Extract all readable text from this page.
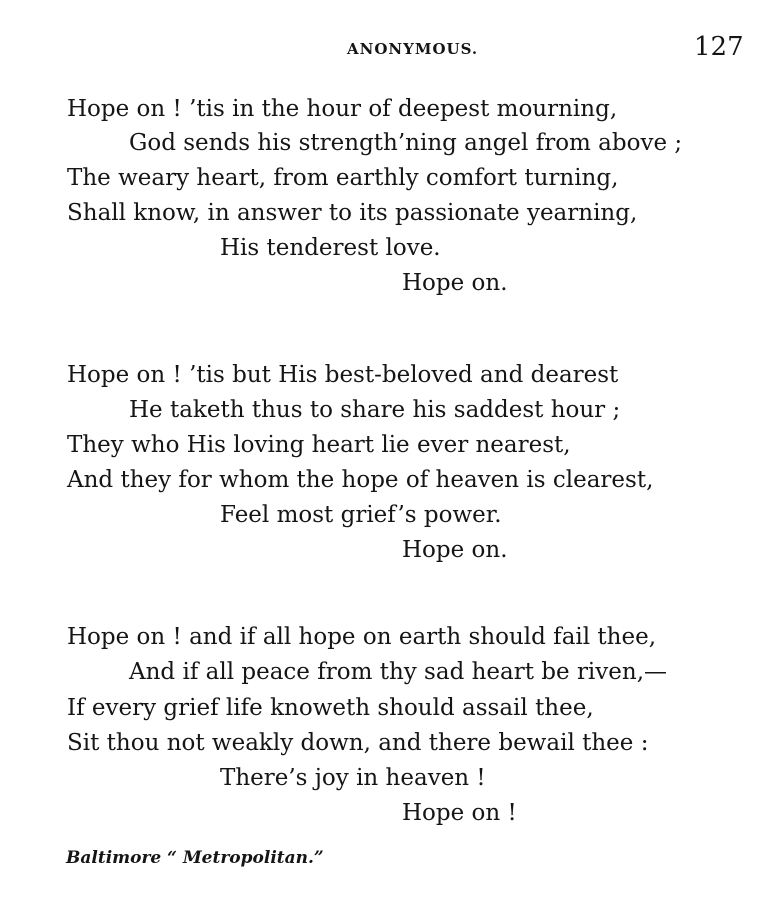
ANONYMOUS.	127
Hope on ! ’tis in the hour of deepest mourning,
God sends his strength’ning angel from above ;
The weary heart, from earthly comfort turning,
Shall know, in answer to its passionate yearning,
His tenderest love.
Hope on.
Hope on ! ’tis but His best-beloved and dearest
He taketh thus to share his saddest hour ;
They who His loving heart lie ever nearest,
And they for whom the hope of heaven is clearest,
Feel most grief’s power.
Hope on.
Hope on ! and if all hope on earth should fail thee,
And if all peace from thy sad heart be riven,—
If every grief life knoweth should assail thee,
Sit thou not weakly down, and there bewail thee :
There’s joy in heaven !
Hope on !
Baltimore “ Metropolitan.”
